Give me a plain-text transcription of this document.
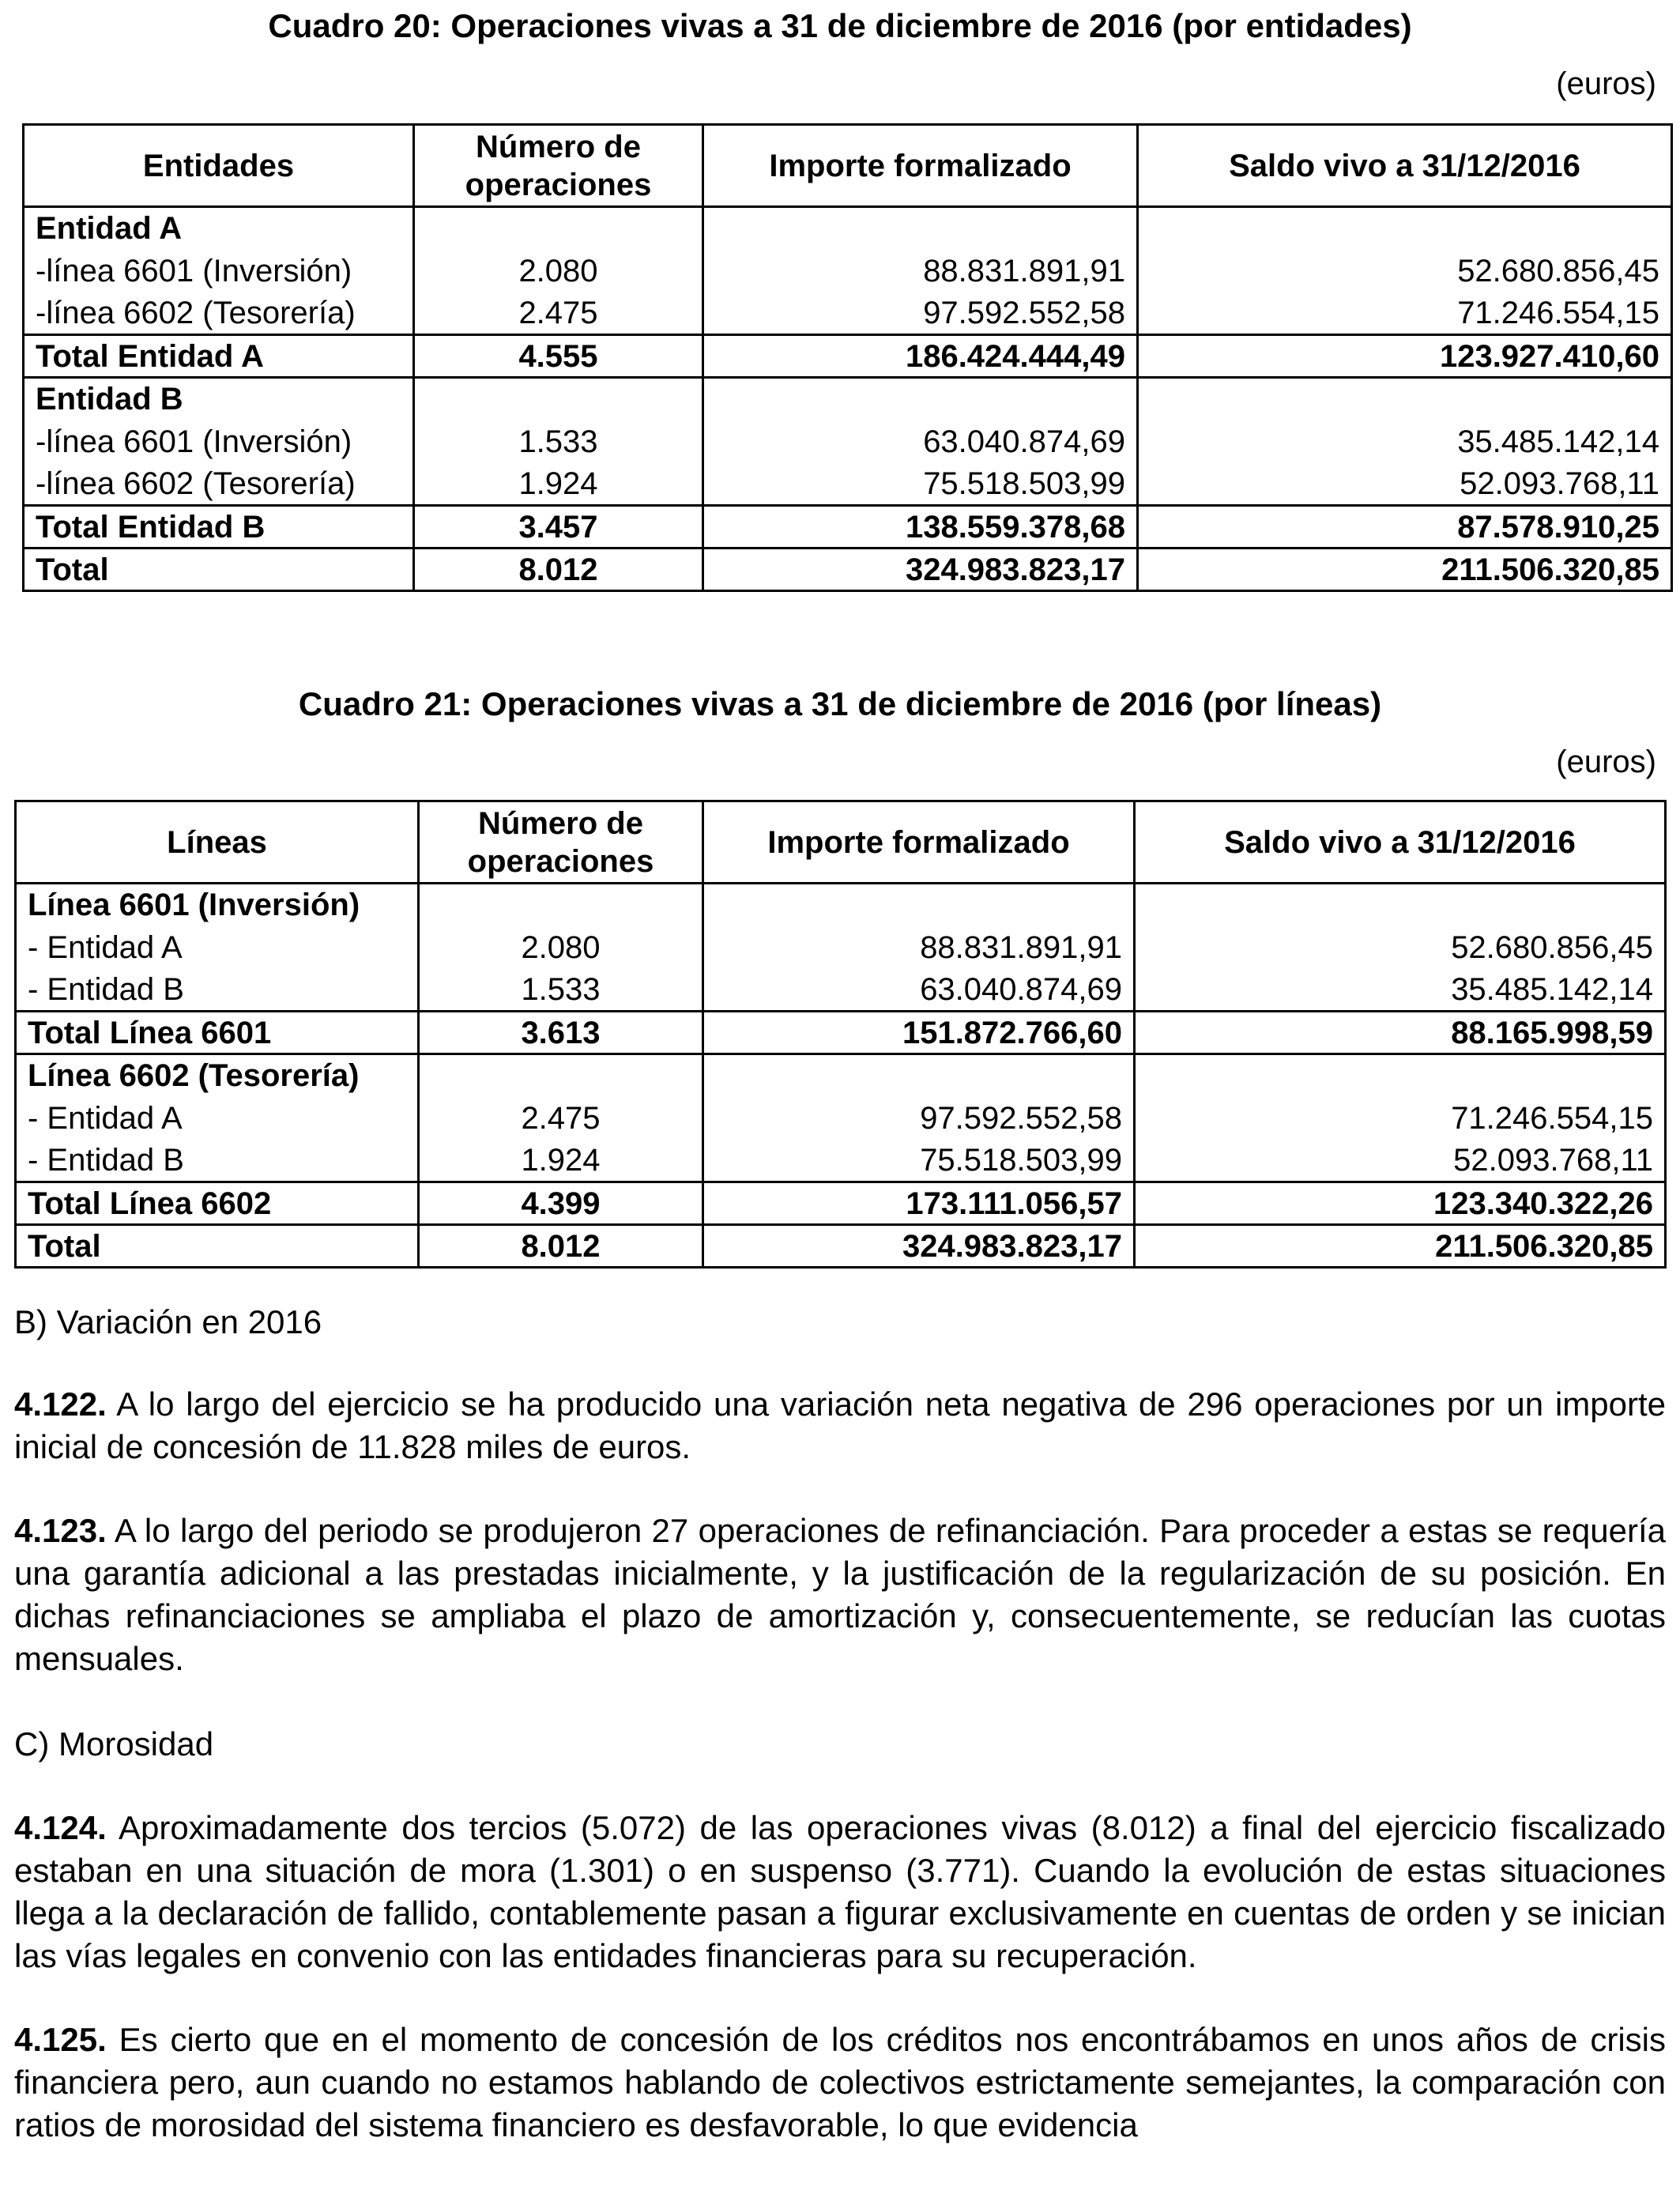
Cuadro 20: Operaciones vivas a 31 de diciembre de 2016 (por entidades)
(euros)
Entidades	Número de operaciones	Importe formalizado	Saldo vivo a 31/12/2016
Entidad A			
-línea 6601 (Inversión)	2.080	88.831.891,91	52.680.856,45
-línea 6602 (Tesorería)	2.475	97.592.552,58	71.246.554,15
Total Entidad A	4.555	186.424.444,49	123.927.410,60
Entidad B			
-línea 6601 (Inversión)	1.533	63.040.874,69	35.485.142,14
-línea 6602 (Tesorería)	1.924	75.518.503,99	52.093.768,11
Total Entidad B	3.457	138.559.378,68	87.578.910,25
Total	8.012	324.983.823,17	211.506.320,85
Cuadro 21: Operaciones vivas a 31 de diciembre de 2016 (por líneas)
(euros)
Líneas	Número de operaciones	Importe formalizado	Saldo vivo a 31/12/2016
Línea 6601 (Inversión)			
- Entidad A	2.080	88.831.891,91	52.680.856,45
- Entidad B	1.533	63.040.874,69	35.485.142,14
Total Línea 6601	3.613	151.872.766,60	88.165.998,59
Línea 6602 (Tesorería)			
- Entidad A	2.475	97.592.552,58	71.246.554,15
- Entidad B	1.924	75.518.503,99	52.093.768,11
Total Línea 6602	4.399	173.111.056,57	123.340.322,26
Total	8.012	324.983.823,17	211.506.320,85
B) Variación en 2016
4.122. A lo largo del ejercicio se ha producido una variación neta negativa de 296 operaciones por un importe inicial de concesión de 11.828 miles de euros.
4.123. A lo largo del periodo se produjeron 27 operaciones de refinanciación. Para proceder a estas se requería una garantía adicional a las prestadas inicialmente, y la justificación de la regularización de su posición. En dichas refinanciaciones se ampliaba el plazo de amortización y, consecuentemente, se reducían las cuotas mensuales.
C) Morosidad
4.124. Aproximadamente dos tercios (5.072) de las operaciones vivas (8.012) a final del ejercicio fiscalizado estaban en una situación de mora (1.301) o en suspenso (3.771). Cuando la evolución de estas situaciones llega a la declaración de fallido, contablemente pasan a figurar exclusivamente en cuentas de orden y se inician las vías legales en convenio con las entidades financieras para su recuperación.
4.125. Es cierto que en el momento de concesión de los créditos nos encontrábamos en unos años de crisis financiera pero, aun cuando no estamos hablando de colectivos estrictamente semejantes, la comparación con ratios de morosidad del sistema financiero es desfavorable, lo que evidencia
